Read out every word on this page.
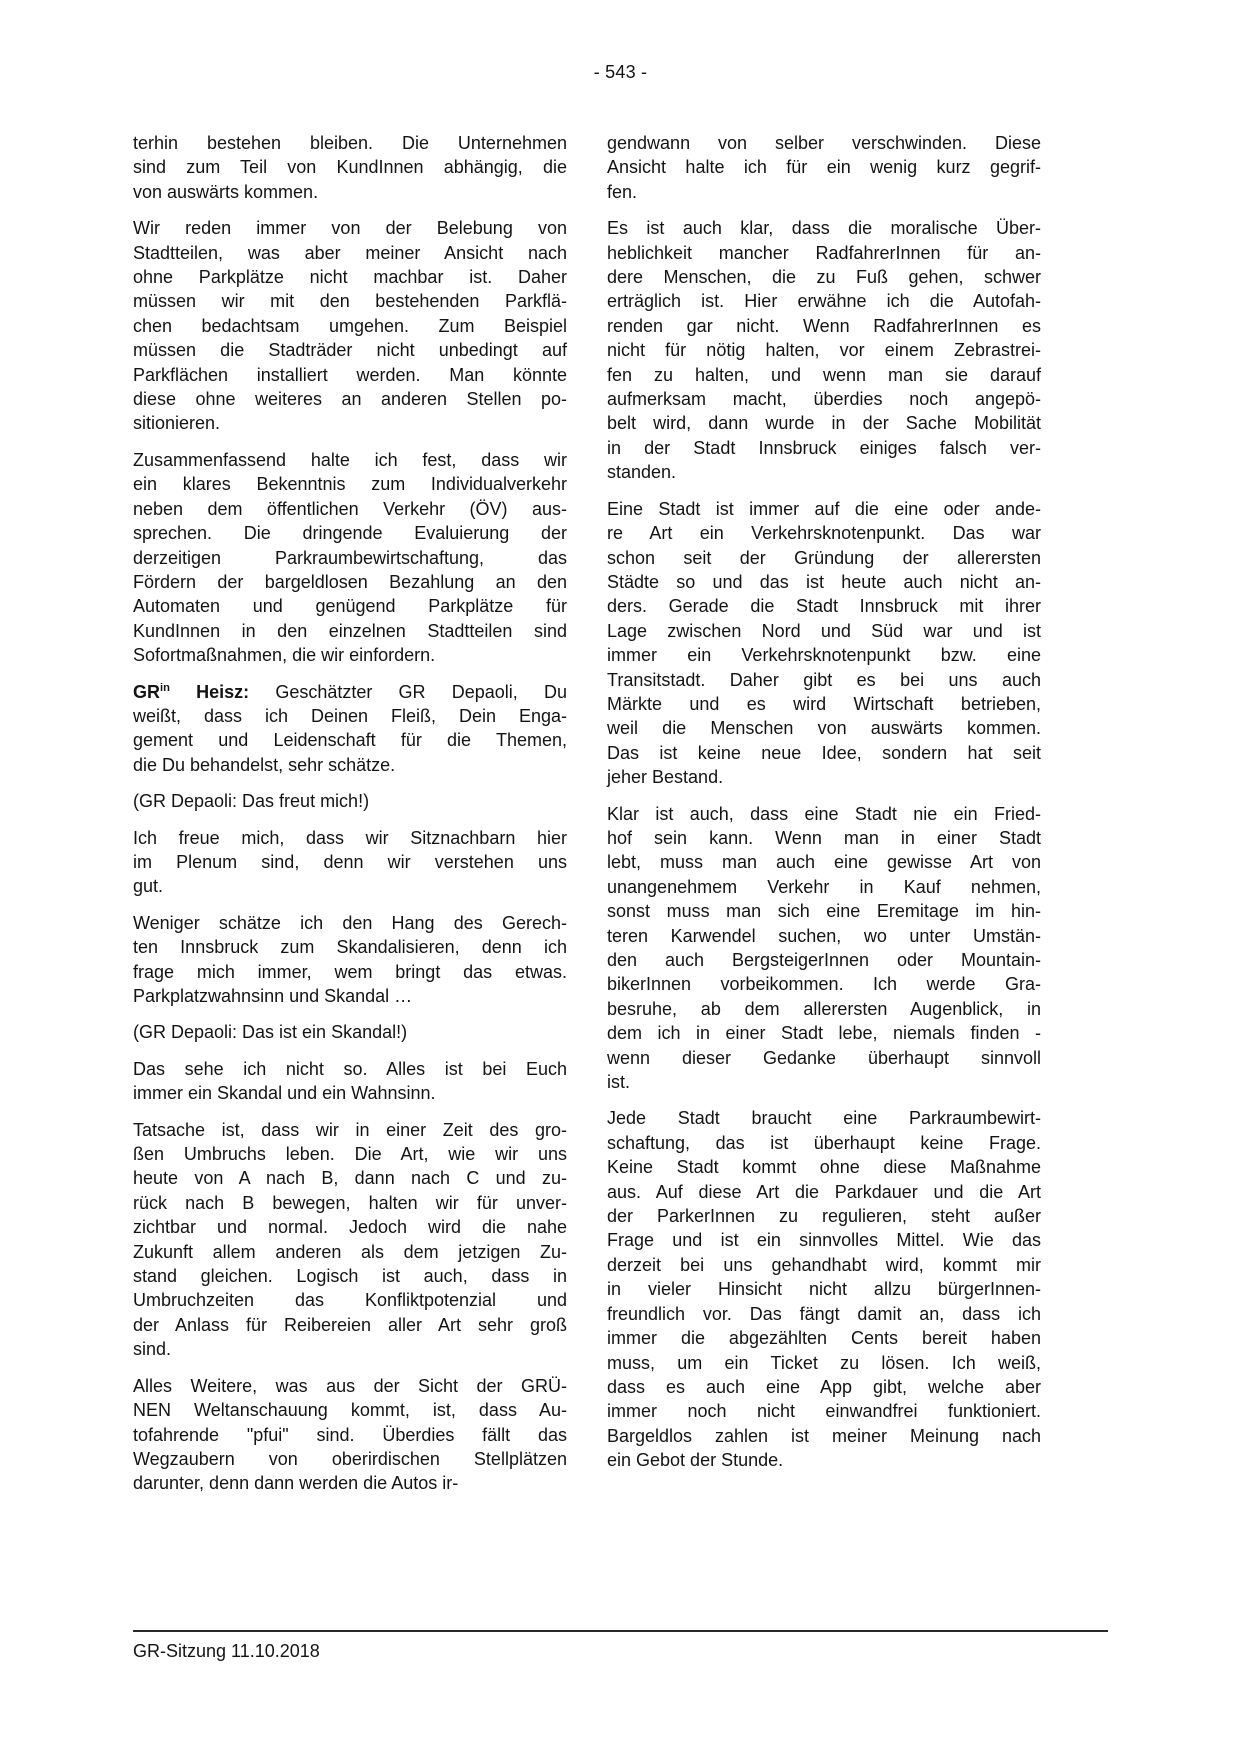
- 543 -
terhin bestehen bleiben. Die Unternehmen
sind zum Teil von KundInnen abhängig, die
von auswärts kommen.
Wir reden immer von der Belebung von
Stadtteilen, was aber meiner Ansicht nach
ohne Parkplätze nicht machbar ist. Daher
müssen wir mit den bestehenden Parkflä-
chen bedachtsam umgehen. Zum Beispiel
müssen die Stadträder nicht unbedingt auf
Parkflächen installiert werden. Man könnte
diese ohne weiteres an anderen Stellen po-
sitionieren.
Zusammenfassend halte ich fest, dass wir
ein klares Bekenntnis zum Individualverkehr
neben dem öffentlichen Verkehr (ÖV) aus-
sprechen. Die dringende Evaluierung der
derzeitigen Parkraumbewirtschaftung, das
Fördern der bargeldlosen Bezahlung an den
Automaten und genügend Parkplätze für
KundInnen in den einzelnen Stadtteilen sind
Sofortmaßnahmen, die wir einfordern.
$GR^{in}$ Heisz: Geschätzter GR Depaoli, Du
weißt, dass ich Deinen Fleiß, Dein Enga-
gement und Leidenschaft für die Themen,
die Du behandelst, sehr schätze.
(GR Depaoli: Das freut mich!)
Ich freue mich, dass wir Sitznachbarn hier
im Plenum sind, denn wir verstehen uns
gut.
Weniger schätze ich den Hang des Gerech-
ten Innsbruck zum Skandalisieren, denn ich
frage mich immer, wem bringt das etwas.
Parkplatzwahnsinn und Skandal …
(GR Depaoli: Das ist ein Skandal!)
Das sehe ich nicht so. Alles ist bei Euch
immer ein Skandal und ein Wahnsinn.
Tatsache ist, dass wir in einer Zeit des gro-
ßen Umbruchs leben. Die Art, wie wir uns
heute von A nach B, dann nach C und zu-
rück nach B bewegen, halten wir für unver-
zichtbar und normal. Jedoch wird die nahe
Zukunft allem anderen als dem jetzigen Zu-
stand gleichen. Logisch ist auch, dass in
Umbruchzeiten das Konfliktpotenzial und
der Anlass für Reibereien aller Art sehr groß
sind.
Alles Weitere, was aus der Sicht der GRÜ-
NEN Weltanschauung kommt, ist, dass Au-
tofahrende "pfui" sind. Überdies fällt das
Wegzaubern von oberirdischen Stellplätzen
darunter, denn dann werden die Autos ir-
gendwann von selber verschwinden. Diese
Ansicht halte ich für ein wenig kurz gegrif-
fen.
Es ist auch klar, dass die moralische Über-
heblichkeit mancher RadfahrerInnen für an-
dere Menschen, die zu Fuß gehen, schwer
erträglich ist. Hier erwähne ich die Autofah-
renden gar nicht. Wenn RadfahrerInnen es
nicht für nötig halten, vor einem Zebrastrei-
fen zu halten, und wenn man sie darauf
aufmerksam macht, überdies noch angepö-
belt wird, dann wurde in der Sache Mobilität
in der Stadt Innsbruck einiges falsch ver-
standen.
Eine Stadt ist immer auf die eine oder ande-
re Art ein Verkehrsknotenpunkt. Das war
schon seit der Gründung der allerersten
Städte so und das ist heute auch nicht an-
ders. Gerade die Stadt Innsbruck mit ihrer
Lage zwischen Nord und Süd war und ist
immer ein Verkehrsknotenpunkt bzw. eine
Transitstadt. Daher gibt es bei uns auch
Märkte und es wird Wirtschaft betrieben,
weil die Menschen von auswärts kommen.
Das ist keine neue Idee, sondern hat seit
jeher Bestand.
Klar ist auch, dass eine Stadt nie ein Fried-
hof sein kann. Wenn man in einer Stadt
lebt, muss man auch eine gewisse Art von
unangenehmem Verkehr in Kauf nehmen,
sonst muss man sich eine Eremitage im hin-
teren Karwendel suchen, wo unter Umstän-
den auch BergsteigerInnen oder Mountain-
bikerInnen vorbeikommen. Ich werde Gra-
besruhe, ab dem allerersten Augenblick, in
dem ich in einer Stadt lebe, niemals finden -
wenn dieser Gedanke überhaupt sinnvoll
ist.
Jede Stadt braucht eine Parkraumbewirt-
schaftung, das ist überhaupt keine Frage.
Keine Stadt kommt ohne diese Maßnahme
aus. Auf diese Art die Parkdauer und die Art
der ParkerInnen zu regulieren, steht außer
Frage und ist ein sinnvolles Mittel. Wie das
derzeit bei uns gehandhabt wird, kommt mir
in vieler Hinsicht nicht allzu bürgerInnen-
freundlich vor. Das fängt damit an, dass ich
immer die abgezählten Cents bereit haben
muss, um ein Ticket zu lösen. Ich weiß,
dass es auch eine App gibt, welche aber
immer noch nicht einwandfrei funktioniert.
Bargeldlos zahlen ist meiner Meinung nach
ein Gebot der Stunde.
GR-Sitzung 11.10.2018
